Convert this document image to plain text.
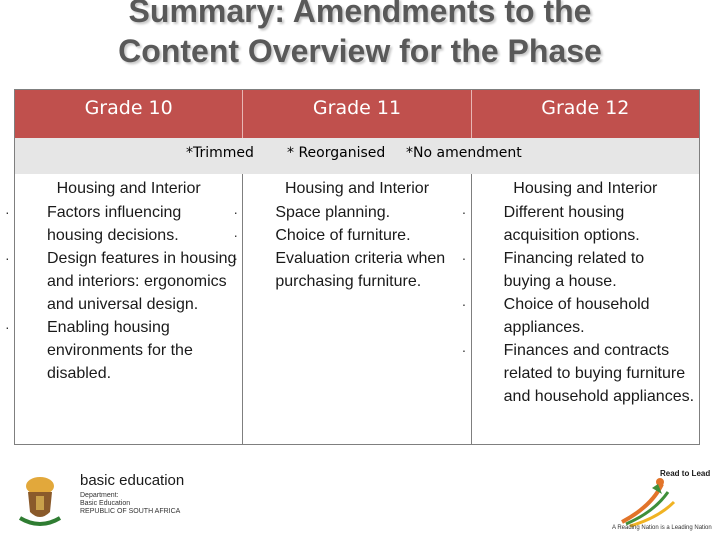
Summary: Amendments to the
Content Overview for the Phase
Grade 10	Grade 11	Grade 12
*Trimmed * Reorganised *No amendment
Housing and Interior
· Factors influencing housing decisions.
· Design features in housing and interiors: ergonomics and universal design.
· Enabling housing environments for the disabled.
Housing and Interior
· Space planning.
· Choice of furniture.
· Evaluation criteria when purchasing furniture.
Housing and Interior
· Different housing acquisition options.
· Financing related to buying a house.
· Choice of household appliances.
· Finances and contracts related to buying furniture and household appliances.
basic education
Department:
Basic Education
REPUBLIC OF SOUTH AFRICA
Read to Lead
A Reading Nation is a Leading Nation
